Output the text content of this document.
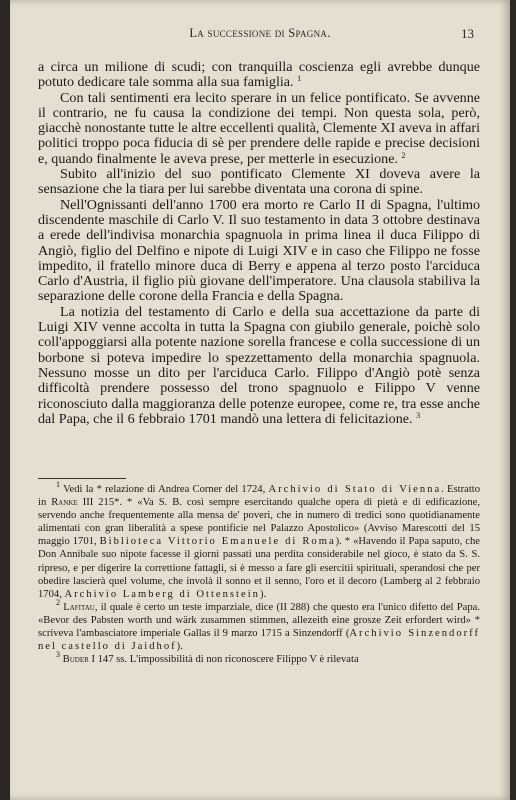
La successione di Spagna.	13

a circa un milione di scudi; con tranquilla coscienza egli avrebbe dunque potuto dedicare tale somma alla sua famiglia. $^1$

Con tali sentimenti era lecito sperare in un felice pontificato. Se avvenne il contrario, ne fu causa la condizione dei tempi. Non questa sola, però, giacchè nonostante tutte le altre eccellenti qualità, Clemente XI aveva in affari politici troppo poca fiducia di sè per prendere delle rapide e precise decisioni e, quando finalmente le aveva prese, per metterle in esecuzione. $^2$

Subito all'inizio del suo pontificato Clemente XI doveva avere la sensazione che la tiara per lui sarebbe diventata una corona di spine.

Nell'Ognissanti dell'anno 1700 era morto re Carlo II di Spagna, l'ultimo discendente maschile di Carlo V. Il suo testamento in data 3 ottobre destinava a erede dell'indivisa monarchia spagnuola in prima linea il duca Filippo di Angiò, figlio del Delfino e nipote di Luigi XIV e in caso che Filippo ne fosse impedito, il fratello minore duca di Berry e appena al terzo posto l'arciduca Carlo d'Austria, il figlio più giovane dell'imperatore. Una clausola stabiliva la separazione delle corone della Francia e della Spagna.

La notizia del testamento di Carlo e della sua accettazione da parte di Luigi XIV venne accolta in tutta la Spagna con giubilo generale, poichè solo coll'appoggiarsi alla potente nazione sorella francese e colla successione di un borbone si poteva impedire lo spezzettamento della monarchia spagnuola. Nessuno mosse un dito per l'arciduca Carlo. Filippo d'Angiò potè senza difficoltà prendere possesso del trono spagnuolo e Filippo V venne riconosciuto dalla maggioranza delle potenze europee, come re, tra esse anche dal Papa, che il 6 febbraio 1701 mandò una lettera di felicitazione. $^3$

$^1$ Vedi la * relazione di Andrea Corner del 1724, Archivio di Stato di Vienna. Estratto in Ranke III 215*. * «Va S. B. così sempre esercitando qualche opera di pietà e di edificazione, servendo anche frequentemente alla mensa de' poveri, che in numero di tredici sono quotidianamente alimentati con gran liberalità a spese pontificie nel Palazzo Apostolico» (Avviso Marescotti del 15 maggio 1701, Biblioteca Vittorio Emanuele di Roma). * «Havendo il Papa saputo, che Don Annibale suo nipote facesse il giorni passati una perdita considerabile nel gioco, è stato da S. S. ripreso, e per digerire la correttione fattagli, si è messo a fare gli esercitii spirituali, sperandosi che per obedire lascierà quel volume, che involà il sonno et il senno, l'oro et il decoro (Lamberg al 2 febbraio 1704, Archivio Lamberg di Ottenstein).

$^2$ Lafitau, il quale è certo un teste imparziale, dice (II 288) che questo era l'unico difetto del Papa. «Bevor des Pabsten worth und wärk zusammen stimmen, allezeith eine grosze Zeit erfordert wird» * scriveva l'ambasciatore imperiale Gallas il 9 marzo 1715 a Sinzendorff (Archivio Sinzendorff nel castello di Jaidhof).

$^3$ Buder I 147 ss. L'impossibilità di non riconoscere Filippo V è rilevata
